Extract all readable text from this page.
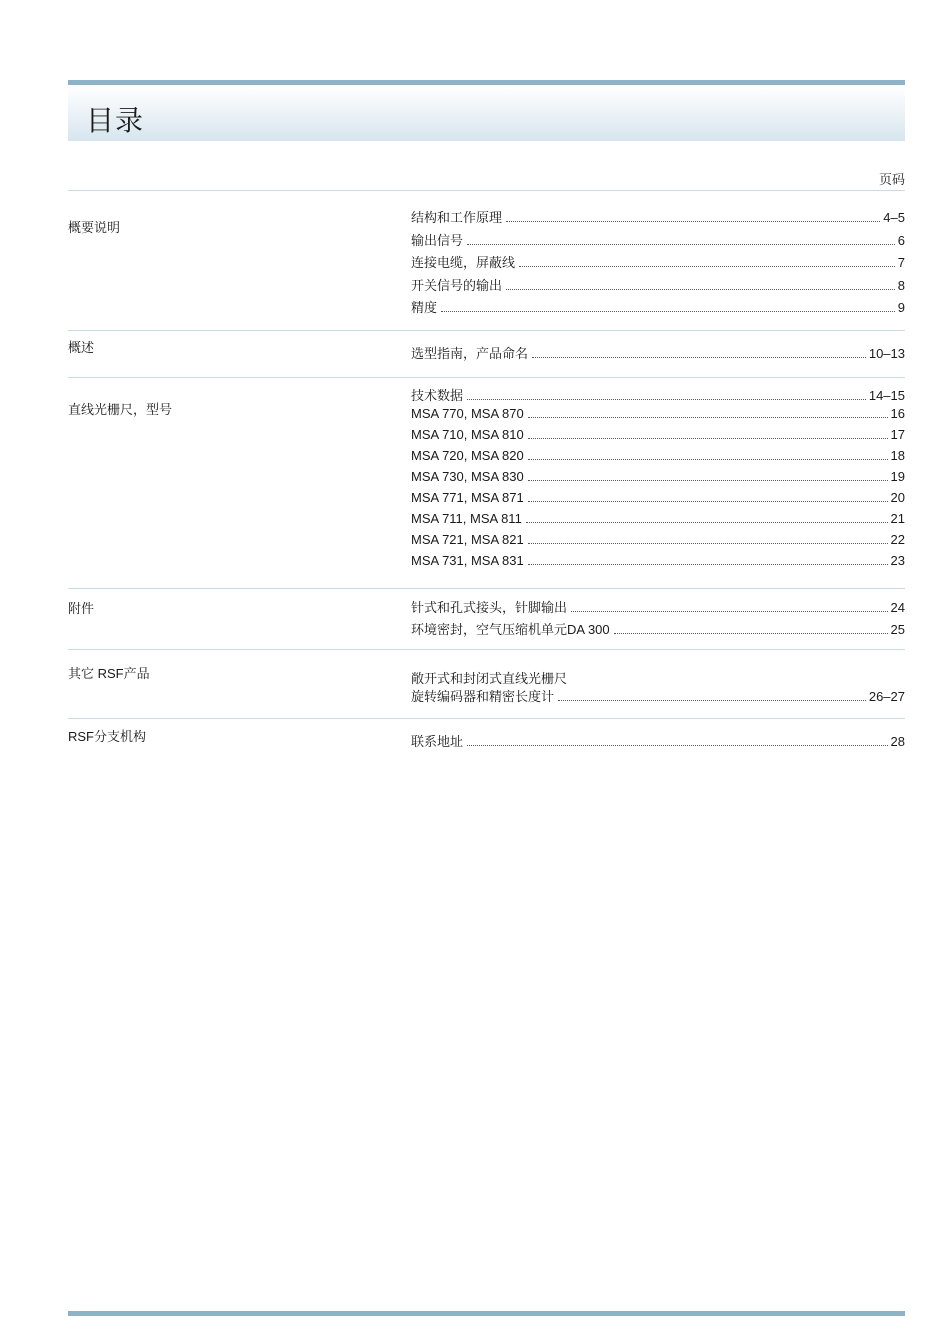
目录
页码
概要说明
结构和工作原理	4–5
输出信号	6
连接电缆，屏蔽线	7
开关信号的输出	8
精度	9
概述	选型指南，产品命名	10–13
直线光栅尺，型号
技术数据	14–15
MSA 770, MSA 870	16
MSA 710, MSA 810	17
MSA 720, MSA 820	18
MSA 730, MSA 830	19
MSA 771, MSA 871	20
MSA 711, MSA 811	21
MSA 721, MSA 821	22
MSA 731, MSA 831	23
附件	针式和孔式接头，针脚输出	24
环境密封，空气压缩机单元DA 300	25
其它 RSF产品	敞开式和封闭式直线光栅尺
旋转编码器和精密长度计	26–27
RSF分支机构	联系地址	28
